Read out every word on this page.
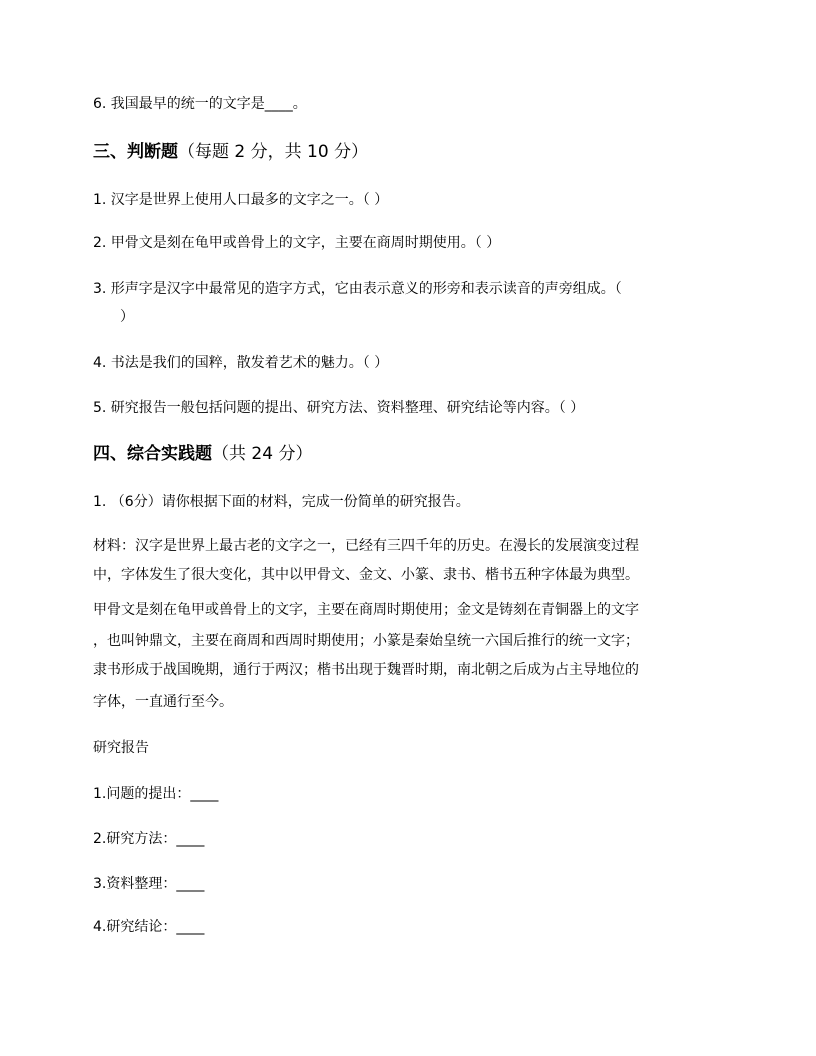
6. 我国最早的统一的文字是____。
三、判断题（每题 2 分，共 10 分）
1. 汉字是世界上使用人口最多的文字之一。（ ）
2. 甲骨文是刻在龟甲或兽骨上的文字，主要在商周时期使用。（ ）
3. 形声字是汉字中最常见的造字方式，它由表示意义的形旁和表示读音的声旁组成。（
）
4. 书法是我们的国粹，散发着艺术的魅力。（ ）
5. 研究报告一般包括问题的提出、研究方法、资料整理、研究结论等内容。（ ）
四、综合实践题（共 24 分）
1. （6分）请你根据下面的材料，完成一份简单的研究报告。
材料：汉字是世界上最古老的文字之一，已经有三四千年的历史。在漫长的发展演变过程
中，字体发生了很大变化，其中以甲骨文、金文、小篆、隶书、楷书五种字体最为典型。
甲骨文是刻在龟甲或兽骨上的文字，主要在商周时期使用；金文是铸刻在青铜器上的文字
，也叫钟鼎文，主要在商周和西周时期使用；小篆是秦始皇统一六国后推行的统一文字；
隶书形成于战国晚期，通行于两汉；楷书出现于魏晋时期，南北朝之后成为占主导地位的
字体，一直通行至今。
研究报告
1.问题的提出：____
2.研究方法：____
3.资料整理：____
4.研究结论：____
